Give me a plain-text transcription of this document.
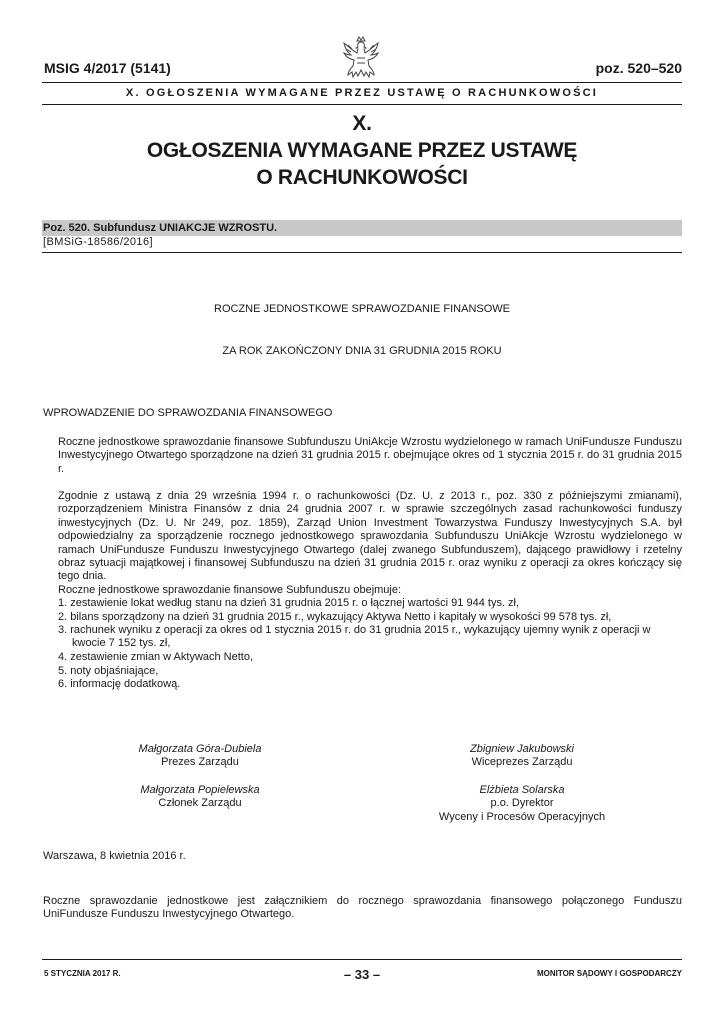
MSIG 4/2017 (5141)	poz. 520–520
X. OGŁOSZENIA WYMAGANE PRZEZ USTAWĘ O RACHUNKOWOŚCI
X.
OGŁOSZENIA WYMAGANE PRZEZ USTAWĘ
O RACHUNKOWOŚCI
Poz. 520. Subfundusz UNIAKCJE WZROSTU.
[BMSiG-18586/2016]
ROCZNE JEDNOSTKOWE SPRAWOZDANIE FINANSOWE
ZA ROK ZAKOŃCZONY DNIA 31 GRUDNIA 2015 ROKU
WPROWADZENIE DO SPRAWOZDANIA FINANSOWEGO
Roczne jednostkowe sprawozdanie finansowe Subfunduszu UniAkcje Wzrostu wydzielonego w ramach UniFundusze Funduszu Inwestycyjnego Otwartego sporządzone na dzień 31 grudnia 2015 r. obejmujące okres od 1 stycznia 2015 r. do 31 grudnia 2015 r.
Zgodnie z ustawą z dnia 29 września 1994 r. o rachunkowości (Dz. U. z 2013 r., poz. 330 z późniejszymi zmianami), rozporządzeniem Ministra Finansów z dnia 24 grudnia 2007 r. w sprawie szczególnych zasad rachunkowości funduszy inwestycyjnych (Dz. U. Nr 249, poz. 1859), Zarząd Union Investment Towarzystwa Funduszy Inwestycyjnych S.A. był odpowiedzialny za sporządzenie rocznego jednostkowego sprawozdania Subfunduszu UniAkcje Wzrostu wydzielonego w ramach UniFundusze Funduszu Inwestycyjnego Otwartego (dalej zwanego Subfunduszem), dającego prawidłowy i rzetelny obraz sytuacji majątkowej i finansowej Subfunduszu na dzień 31 grudnia 2015 r. oraz wyniku z operacji za okres kończący się tego dnia.
Roczne jednostkowe sprawozdanie finansowe Subfunduszu obejmuje:
1. zestawienie lokat według stanu na dzień 31 grudnia 2015 r. o łącznej wartości 91 944 tys. zł,
2. bilans sporządzony na dzień 31 grudnia 2015 r., wykazujący Aktywa Netto i kapitały w wysokości 99 578 tys. zł,
3. rachunek wyniku z operacji za okres od 1 stycznia 2015 r. do 31 grudnia 2015 r., wykazujący ujemny wynik z operacji w kwocie 7 152 tys. zł,
4. zestawienie zmian w Aktywach Netto,
5. noty objaśniające,
6. informację dodatkową.
Małgorzata Góra-Dubiela
Prezes Zarządu
Zbigniew Jakubowski
Wiceprezes Zarządu
Małgorzata Popielewska
Członek Zarządu
Elżbieta Solarska
p.o. Dyrektor
Wyceny i Procesów Operacyjnych
Warszawa, 8 kwietnia 2016 r.
Roczne sprawozdanie jednostkowe jest załącznikiem do rocznego sprawozdania finansowego połączonego Funduszu UniFundusze Funduszu Inwestycyjnego Otwartego.
5 STYCZNIA 2017 R.	– 33 –	MONITOR SĄDOWY I GOSPODARCZY
